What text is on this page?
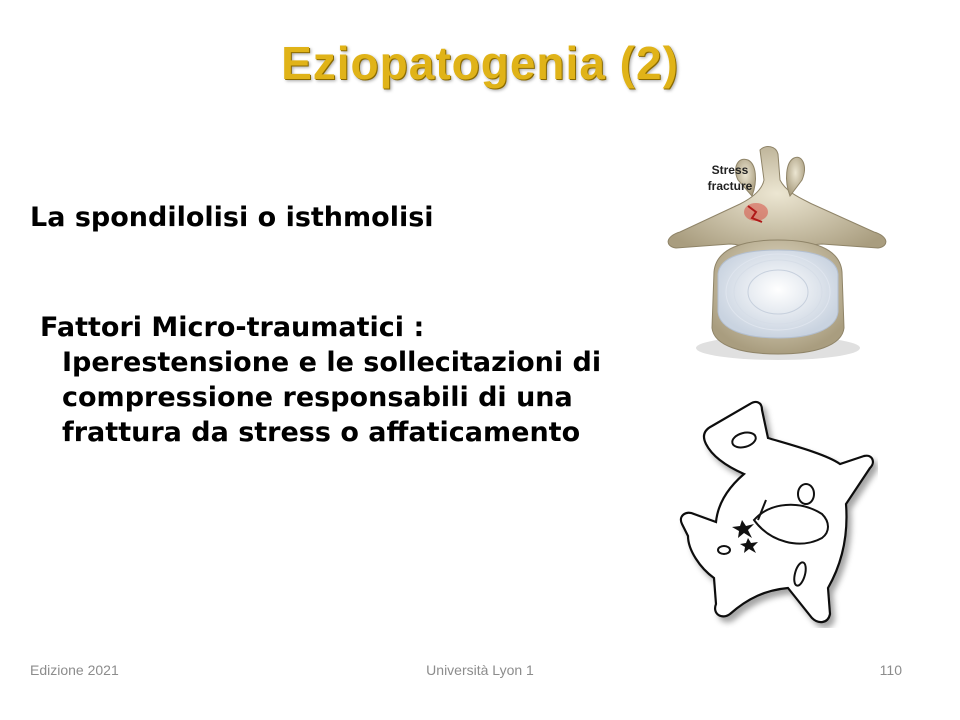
Eziopatogenia (2)
La spondilolisi o isthmolisi
Fattori Micro-traumatici :
Iperestensione e le sollecitazioni di compressione responsabili di una frattura da stress o affaticamento
Stress
fracture
Edizione 2021	Università Lyon 1	110
